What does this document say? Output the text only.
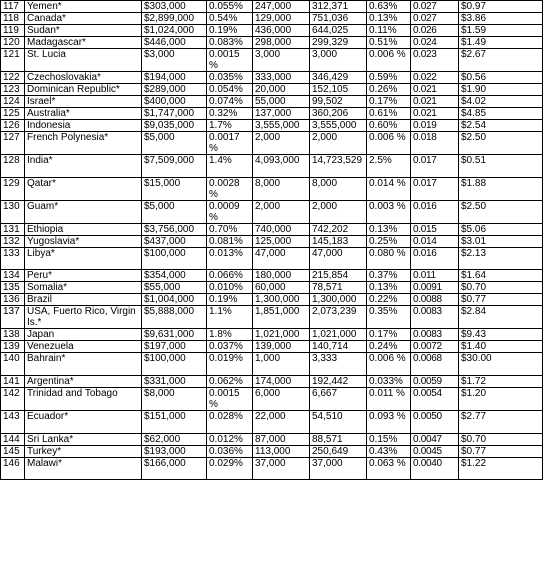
117	Yemen*	$303,000	0.055%	247,000	312,371	0.63%	0.027	$0.97
118	Canada*	$2,899,000	0.54%	129,000	751,036	0.13%	0.027	$3.86
119	Sudan*	$1,024,000	0.19%	436,000	644,025	0.11%	0.026	$1.59
120	Madagascar*	$446,000	0.083%	298,000	299,329	0.51%	0.024	$1.49
121	St. Lucia	$3,000	0.0015 %	3,000	3,000	0.006 %	0.023	$2.67
122	Czechoslovakia*	$194,000	0.035%	333,000	346,429	0.59%	0.022	$0.56
123	Dominican Republic*	$289,000	0.054%	20,000	152,105	0.26%	0.021	$1.90
124	Israel*	$400,000	0.074%	55,000	99,502	0.17%	0.021	$4.02
125	Australia*	$1,747,000	0.32%	137,000	360,206	0.61%	0.021	$4.85
126	Indonesia	$9,035,000	1.7%	3,555,000	3,555,000	0.60%	0.019	$2.54
127	French Polynesia*	$5,000	0.0017 %	2,000	2,000	0.006 %	0.018	$2.50
128	India*	$7,509,000	1.4%	4,093,000	14,723,529	2.5%	0.017	$0.51
129	Qatar*	$15,000	0.0028 %	8,000	8,000	0.014 %	0.017	$1.88
130	Guam*	$5,000	0.0009 %	2,000	2,000	0.003 %	0.016	$2.50
131	Ethiopia	$3,756,000	0.70%	740,000	742,202	0.13%	0.015	$5.06
132	Yugoslavia*	$437,000	0.081%	125,000	145,183	0.25%	0.014	$3.01
133	Libya*	$100,000	0.013%	47,000	47,000	0.080 %	0.016	$2.13
134	Peru*	$354,000	0.066%	180,000	215,854	0.37%	0.011	$1.64
135	Somalia*	$55,000	0.010%	60,000	78,571	0.13%	0.0091	$0.70
136	Brazil	$1,004,000	0.19%	1,300,000	1,300,000	0.22%	0.0088	$0.77
137	USA, Fuerto Rico, Virgin Is.*	$5,888,000	1.1%	1,851,000	2,073,239	0.35%	0.0083	$2.84
138	Japan	$9,631,000	1.8%	1,021,000	1,021,000	0.17%	0.0083	$9.43
139	Venezuela	$197,000	0.037%	139,000	140,714	0.24%	0.0072	$1.40
140	Bahrain*	$100,000	0.019%	1,000	3,333	0.006 %	0.0068	$30.00
141	Argentina*	$331,000	0.062%	174,000	192,442	0.033%	0.0059	$1.72
142	Trinidad and Tobago	$8,000	0.0015 %	6,000	6,667	0.011 %	0.0054	$1.20
143	Ecuador*	$151,000	0.028%	22,000	54,510	0.093 %	0.0050	$2.77
144	Sri Lanka*	$62,000	0.012%	87,000	88,571	0.15%	0.0047	$0.70
145	Turkey*	$193,000	0.036%	113,000	250,649	0.43%	0.0045	$0.77
146	Malawi*	$166,000	0.029%	37,000	37,000	0.063 %	0.0040	$1.22
